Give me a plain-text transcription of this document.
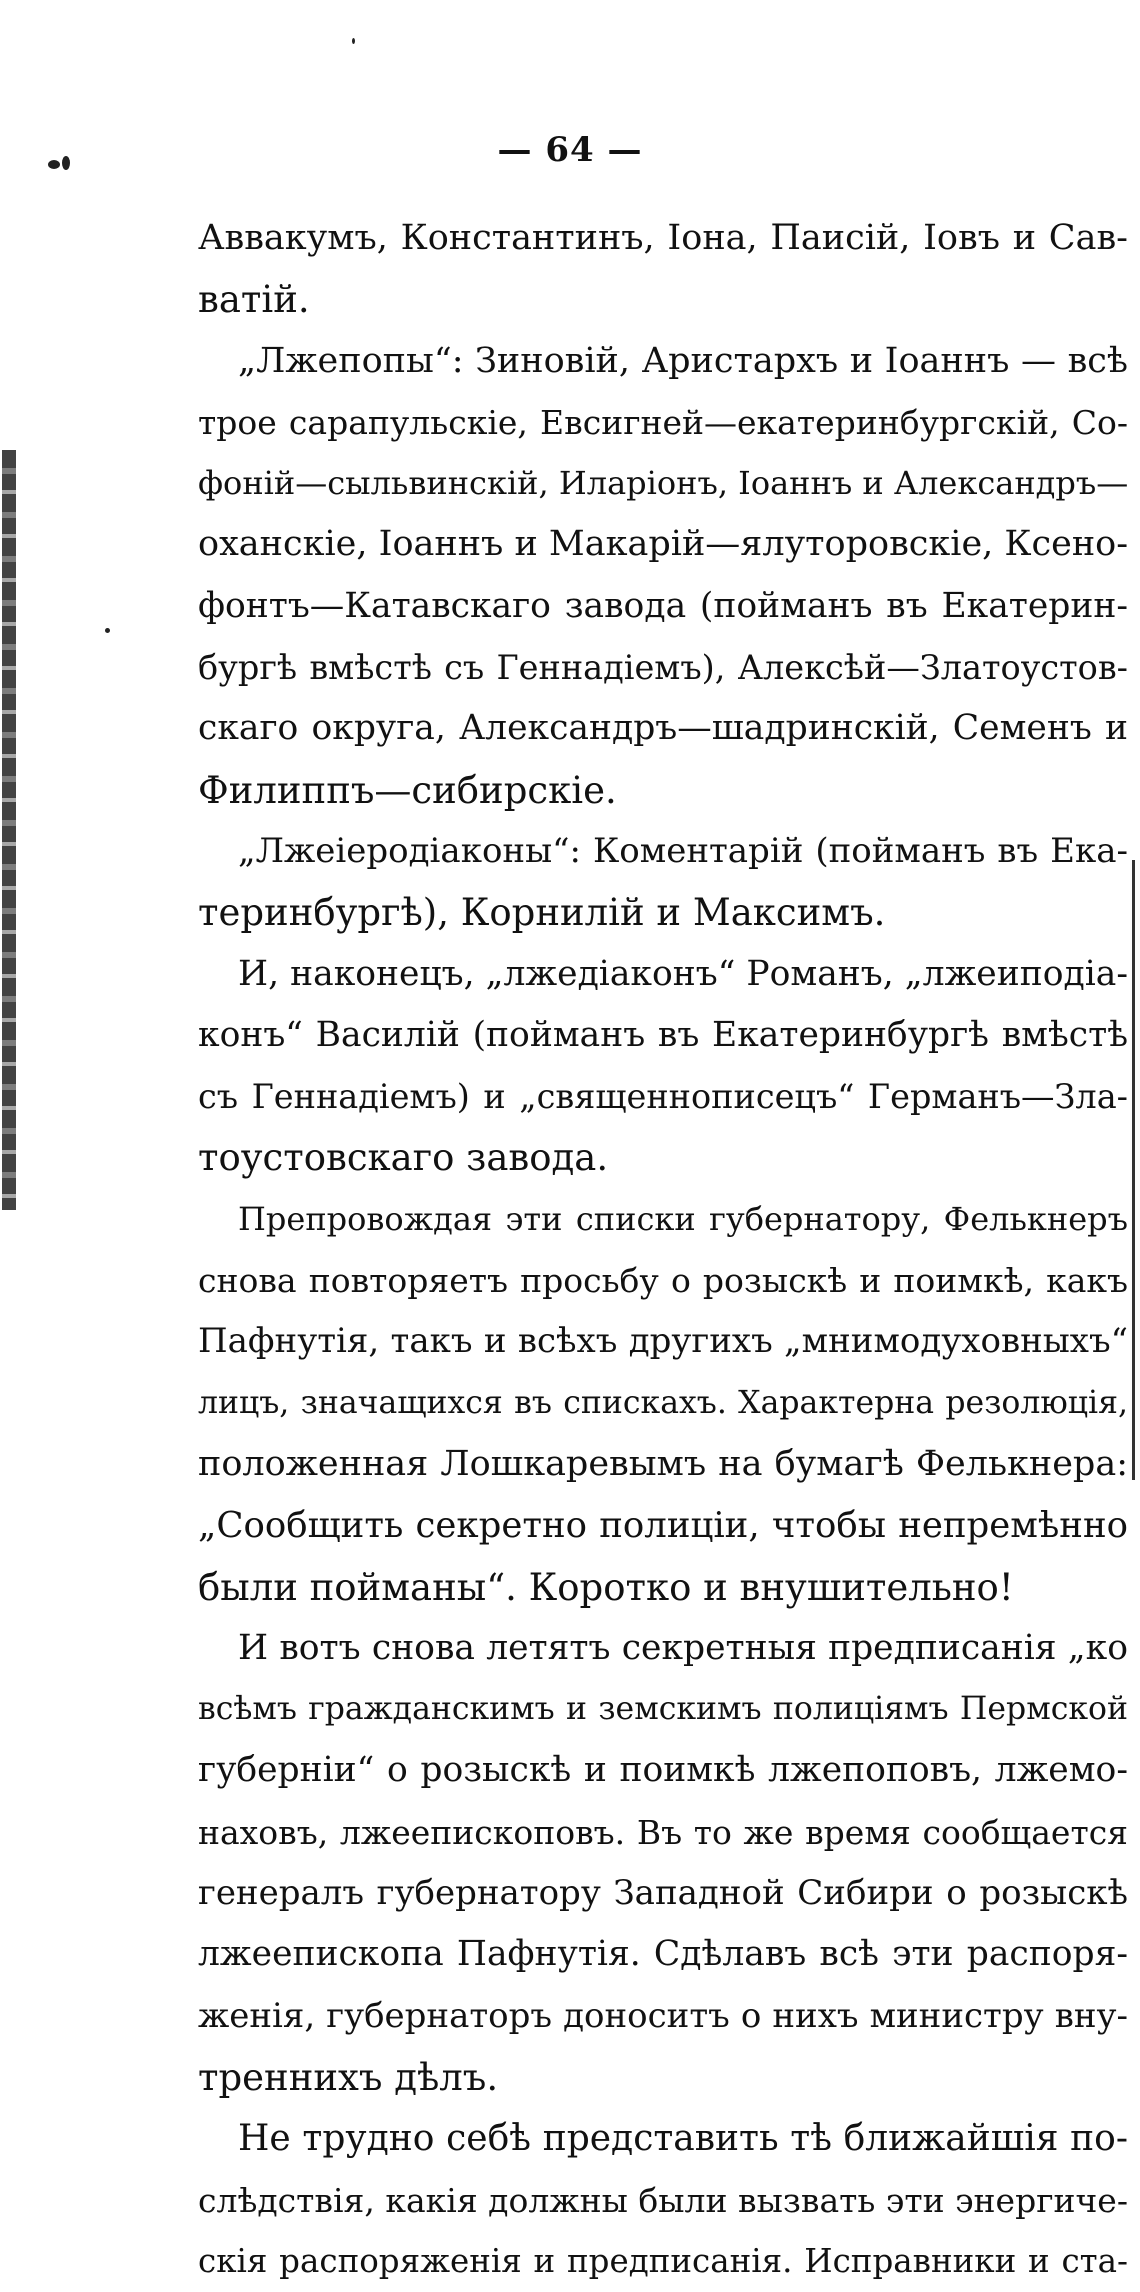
— 64 —
Аввакумъ, Константинъ, Іона, Паисій, Іовъ и Сав-
ватій.
„Лжепопы“: Зиновій, Аристархъ и Іоаннъ — всѣ
трое сарапульскіе, Евсигней—екатеринбургскій, Со-
фоній—сыльвинскій, Иларіонъ, Іоаннъ и Александръ—
оханскіе, Іоаннъ и Макарій—ялуторовскіе, Ксено-
фонтъ—Катавскаго завода (пойманъ въ Екатерин-
бургѣ вмѣстѣ съ Геннадіемъ), Алексѣй—Златоустов-
скаго округа, Александръ—шадринскій, Семенъ и
Филиппъ—сибирскіе.
„Лжеіеродіаконы“: Коментарій (пойманъ въ Ека-
теринбургѣ), Корнилій и Максимъ.
И, наконецъ, „лжедіаконъ“ Романъ, „лжеиподіа-
конъ“ Василій (пойманъ въ Екатеринбургѣ вмѣстѣ
съ Геннадіемъ) и „священнописецъ“ Германъ—Зла-
тоустовскаго завода.
Препровождая эти списки губернатору, Фелькнеръ
снова повторяетъ просьбу о розыскѣ и поимкѣ, какъ
Пафнутія, такъ и всѣхъ другихъ „мнимодуховныхъ“
лицъ, значащихся въ спискахъ. Характерна резолюція,
положенная Лошкаревымъ на бумагѣ Фелькнера:
„Сообщить секретно полиціи, чтобы непремѣнно
были пойманы“. Коротко и внушительно!
И вотъ снова летятъ секретныя предписанія „ко
всѣмъ гражданскимъ и земскимъ полиціямъ Пермской
губерніи“ о розыскѣ и поимкѣ лжепоповъ, лжемо-
наховъ, лжеепископовъ. Въ то же время сообщается
генералъ губернатору Западной Сибири о розыскѣ
лжеепископа Пафнутія. Сдѣлавъ всѣ эти распоря-
женія, губернаторъ доноситъ о нихъ министру вну-
треннихъ дѣлъ.
Не трудно себѣ представить тѣ ближайшія по-
слѣдствія, какія должны были вызвать эти энергиче-
скія распоряженія и предписанія. Исправники и ста-
